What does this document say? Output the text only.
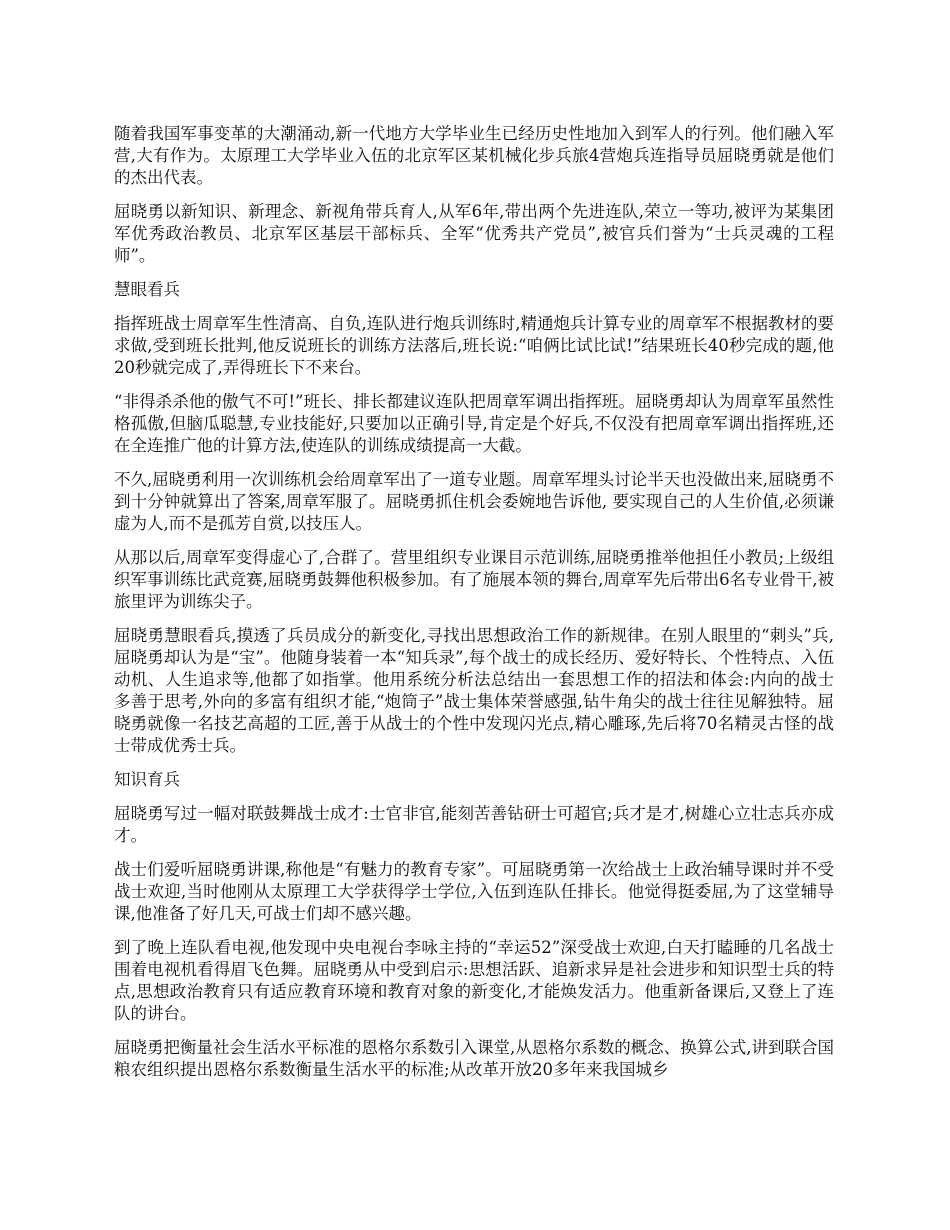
随着我国军事变革的大潮涌动,新一代地方大学毕业生已经历史性地加入到军人的行列。他们融入军营,大有作为。太原理工大学毕业入伍的北京军区某机械化步兵旅4营炮兵连指导员屈晓勇就是他们的杰出代表。

屈晓勇以新知识、新理念、新视角带兵育人,从军6年,带出两个先进连队,荣立一等功,被评为某集团军优秀政治教员、北京军区基层干部标兵、全军“优秀共产党员”,被官兵们誉为“士兵灵魂的工程师”。

慧眼看兵

指挥班战士周章军生性清高、自负,连队进行炮兵训练时,精通炮兵计算专业的周章军不根据教材的要求做,受到班长批判,他反说班长的训练方法落后,班长说:“咱俩比试比试!”结果班长40秒完成的题,他20秒就完成了,弄得班长下不来台。

“非得杀杀他的傲气不可!”班长、排长都建议连队把周章军调出指挥班。屈晓勇却认为周章军虽然性格孤傲,但脑瓜聪慧,专业技能好,只要加以正确引导,肯定是个好兵,不仅没有把周章军调出指挥班,还在全连推广他的计算方法,使连队的训练成绩提高一大截。

不久,屈晓勇利用一次训练机会给周章军出了一道专业题。周章军埋头讨论半天也没做出来,屈晓勇不到十分钟就算出了答案,周章军服了。屈晓勇抓住机会委婉地告诉他, 要实现自己的人生价值,必须谦虚为人,而不是孤芳自赏,以技压人。

从那以后,周章军变得虚心了,合群了。营里组织专业课目示范训练,屈晓勇推举他担任小教员;上级组织军事训练比武竞赛,屈晓勇鼓舞他积极参加。有了施展本领的舞台,周章军先后带出6名专业骨干,被旅里评为训练尖子。

屈晓勇慧眼看兵,摸透了兵员成分的新变化,寻找出思想政治工作的新规律。在别人眼里的“刺头”兵,屈晓勇却认为是“宝”。他随身装着一本“知兵录”,每个战士的成长经历、爱好特长、个性特点、入伍动机、人生追求等,他都了如指掌。他用系统分析法总结出一套思想工作的招法和体会:内向的战士多善于思考,外向的多富有组织才能,“炮筒子”战士集体荣誉感强,钻牛角尖的战士往往见解独特。屈晓勇就像一名技艺高超的工匠,善于从战士的个性中发现闪光点,精心雕琢,先后将70名精灵古怪的战士带成优秀士兵。

知识育兵

屈晓勇写过一幅对联鼓舞战士成才:士官非官,能刻苦善钻研士可超官;兵才是才,树雄心立壮志兵亦成才。

战士们爱听屈晓勇讲课,称他是“有魅力的教育专家”。可屈晓勇第一次给战士上政治辅导课时并不受战士欢迎,当时他刚从太原理工大学获得学士学位,入伍到连队任排长。他觉得挺委屈,为了这堂辅导课,他准备了好几天,可战士们却不感兴趣。

到了晚上连队看电视,他发现中央电视台李咏主持的“幸运52”深受战士欢迎,白天打瞌睡的几名战士围着电视机看得眉飞色舞。屈晓勇从中受到启示:思想活跃、追新求异是社会进步和知识型士兵的特点,思想政治教育只有适应教育环境和教育对象的新变化,才能焕发活力。他重新备课后,又登上了连队的讲台。

屈晓勇把衡量社会生活水平标准的恩格尔系数引入课堂,从恩格尔系数的概念、换算公式,讲到联合国粮农组织提出恩格尔系数衡量生活水平的标准;从改革开放20多年来我国城乡
